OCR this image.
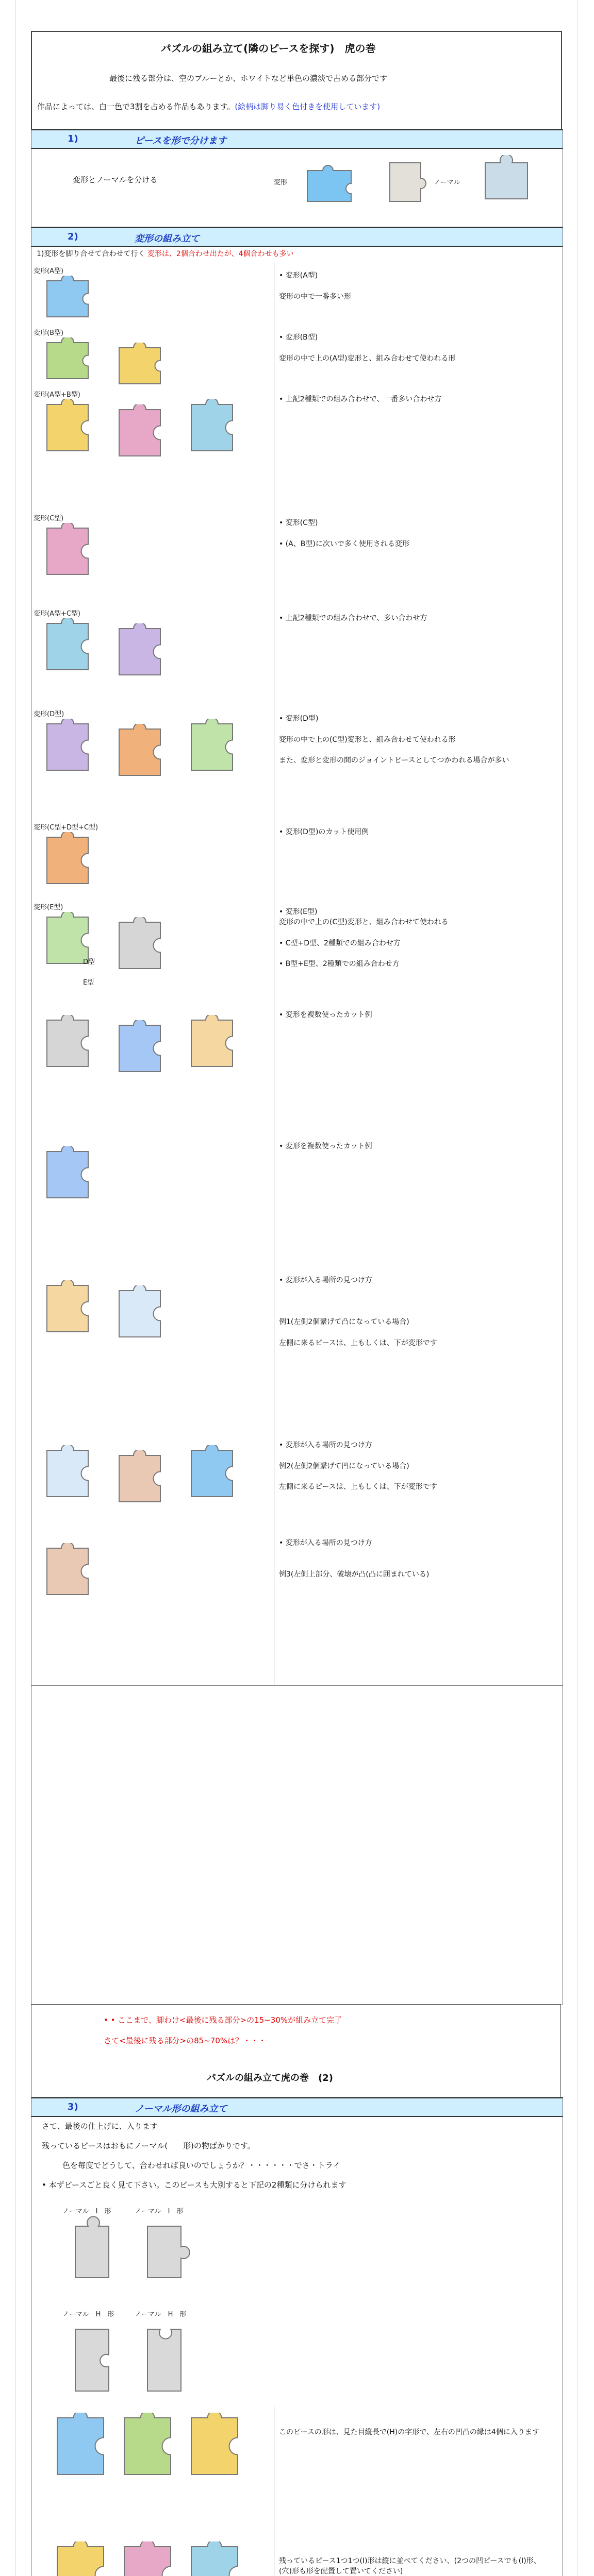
パズルの組み立て(隣のピースを探す)　虎の巻
最後に残る部分は、空のブルーとか、ホワイトなど単色の濃淡で占める部分です
作品によっては、白一色で3割を占める作品もあります。(絵柄は脚り易く色付きを使用しています)
1)	ピースを形で分けます
変形とノーマルを分ける	変形	ノーマル
2)	変形の組み立て
1)変形を脚り合せて合わせて行く 変形は、2個合わせ出たが、4個合わせも多い
変形(A型)
• 変形(A型)

変形の中で一番多い形
変形(B型)
• 変形(B型)

変形の中で上の(A型)変形と、組み合わせて使われる形
変形(A型+B型)
• 上記2種類での組み合わせで、一番多い合わせ方
変形(C型)
• 変形(C型)

• (A、B型)に次いで多く使用される変形
変形(A型+C型)
• 上記2種類での組み合わせで、多い合わせ方
変形(D型)
• 変形(D型)

変形の中で上の(C型)変形と、組み合わせて使われる形

また、変形と変形の間のジョイントピースとしてつかわれる場合が多い
変形(C型+D型+C型)
• 変形(D型)のカット使用例
変形(E型)
D型
E型
• 変形(E型)
変形の中で上の(C型)変形と、組み合わせて使われる

• C型+D型、2種類での組み合わせ方

• B型+E型、2種類での組み合わせ方
• 変形を複数使ったカット例
• 変形を複数使ったカット例
• 変形が入る場所の見つけ方

例1(左側2個繋げて凸になっている場合)

左側に来るピースは、上もしくは、下が変形です
• 変形が入る場所の見つけ方

例2(左側2個繋げて凹になっている場合)

左側に来るピースは、上もしくは、下が変形です
• 変形が入る場所の見つけ方

例3(左側上部分、破壊が凸(凸に囲まれている)
• • ここまで、脚わけ<最後に残る部分>の15~30%が組み立て完了
さて<最後に残る部分>の85~70%は？・・・
パズルの組み立て虎の巻　(2)
3)	ノーマル形の組み立て
さて、最後の仕上げに、入ります
残っているピースはおもにノーマル(　　形)の物ばかりです。
色を毎度でどうして、合わせれば良いのでしょうか？・・・・・・でさ・トライ
• 本ずピースごと良く見て下さい。このピースも大別すると下記の2種類に分けられます
ノーマル　I　形	ノーマル　I　形
ノーマル　H　形	ノーマル　H　形
このピースの形は、見た目縦長で(H)の字形で、左右の凹凸の縁は4個に入ります
残っているピース1つ1つ(I)形は縦に並べてください、(2つの凹ピースでも(I)形、(穴)形も形を配置して置いてください)
